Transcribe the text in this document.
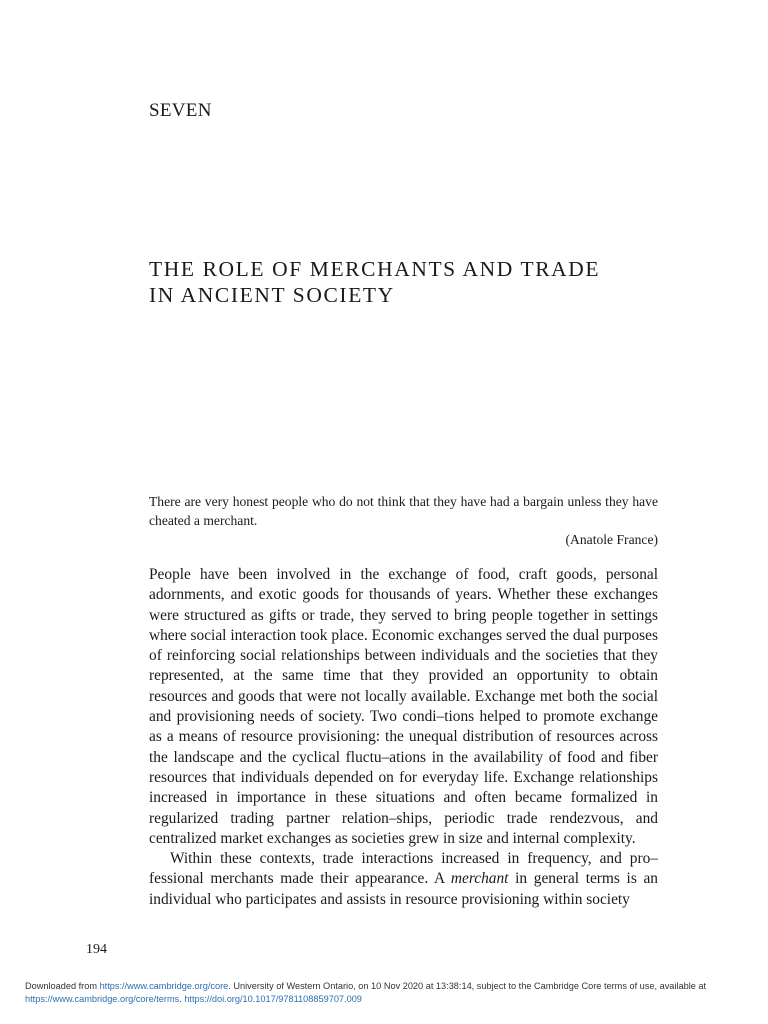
SEVEN
THE ROLE OF MERCHANTS AND TRADE
IN ANCIENT SOCIETY

There are very honest people who do not think that they have had a bargain unless they have cheated a merchant.

(Anatole France)

People have been involved in the exchange of food, craft goods, personal adornments, and exotic goods for thousands of years. Whether these exchanges were structured as gifts or trade, they served to bring people together in settings where social interaction took place. Economic exchanges served the dual purposes of reinforcing social relationships between individuals and the societies that they represented, at the same time that they provided an opportunity to obtain resources and goods that were not locally available. Exchange met both the social and provisioning needs of society. Two condi–tions helped to promote exchange as a means of resource provisioning: the unequal distribution of resources across the landscape and the cyclical fluctu–ations in the availability of food and fiber resources that individuals depended on for everyday life. Exchange relationships increased in importance in these situations and often became formalized in regularized trading partner relation–ships, periodic trade rendezvous, and centralized market exchanges as societies grew in size and internal complexity.

Within these contexts, trade interactions increased in frequency, and pro–fessional merchants made their appearance. A merchant in general terms is an individual who participates and assists in resource provisioning within society

194
Downloaded from https://www.cambridge.org/core. University of Western Ontario, on 10 Nov 2020 at 13:38:14, subject to the Cambridge Core terms of use, available at
https://www.cambridge.org/core/terms. https://doi.org/10.1017/9781108859707.009
